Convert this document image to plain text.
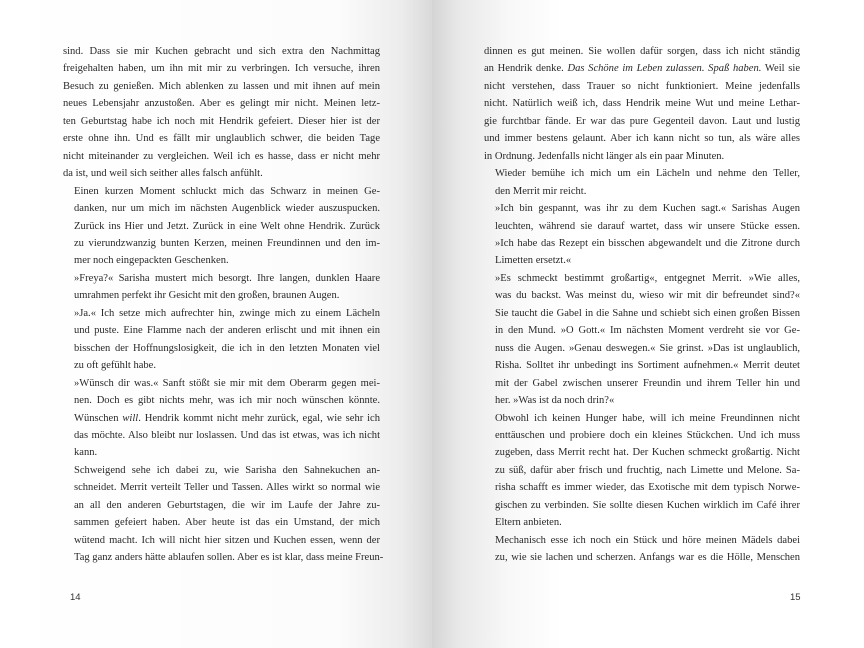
sind. Dass sie mir Kuchen gebracht und sich extra den Nachmittag
freigehalten haben, um ihn mit mir zu verbringen. Ich versuche, ihren
Besuch zu genießen. Mich ablenken zu lassen und mit ihnen auf mein
neues Lebensjahr anzustoßen. Aber es gelingt mir nicht. Meinen letz-
ten Geburtstag habe ich noch mit Hendrik gefeiert. Dieser hier ist der
erste ohne ihn. Und es fällt mir unglaublich schwer, die beiden Tage
nicht miteinander zu vergleichen. Weil ich es hasse, dass er nicht mehr
da ist, und weil sich seither alles falsch anfühlt.
Einen kurzen Moment schluckt mich das Schwarz in meinen Ge-
danken, nur um mich im nächsten Augenblick wieder auszuspucken.
Zurück ins Hier und Jetzt. Zurück in eine Welt ohne Hendrik. Zurück
zu vierundzwanzig bunten Kerzen, meinen Freundinnen und den im-
mer noch eingepackten Geschenken.
»Freya?« Sarisha mustert mich besorgt. Ihre langen, dunklen Haare
umrahmen perfekt ihr Gesicht mit den großen, braunen Augen.
»Ja.« Ich setze mich aufrechter hin, zwinge mich zu einem Lächeln
und puste. Eine Flamme nach der anderen erlischt und mit ihnen ein
bisschen der Hoffnungslosigkeit, die ich in den letzten Monaten viel
zu oft gefühlt habe.
»Wünsch dir was.« Sanft stößt sie mir mit dem Oberarm gegen mei-
nen. Doch es gibt nichts mehr, was ich mir noch wünschen könnte.
Wünschen will. Hendrik kommt nicht mehr zurück, egal, wie sehr ich
das möchte. Also bleibt nur loslassen. Und das ist etwas, was ich nicht
kann.
Schweigend sehe ich dabei zu, wie Sarisha den Sahnekuchen an-
schneidet. Merrit verteilt Teller und Tassen. Alles wirkt so normal wie
an all den anderen Geburtstagen, die wir im Laufe der Jahre zu-
sammen gefeiert haben. Aber heute ist das ein Umstand, der mich
wütend macht. Ich will nicht hier sitzen und Kuchen essen, wenn der
Tag ganz anders hätte ablaufen sollen. Aber es ist klar, dass meine Freun-
14
dinnen es gut meinen. Sie wollen dafür sorgen, dass ich nicht ständig
an Hendrik denke. Das Schöne im Leben zulassen. Spaß haben. Weil sie
nicht verstehen, dass Trauer so nicht funktioniert. Meine jedenfalls
nicht. Natürlich weiß ich, dass Hendrik meine Wut und meine Lethar-
gie furchtbar fände. Er war das pure Gegenteil davon. Laut und lustig
und immer bestens gelaunt. Aber ich kann nicht so tun, als wäre alles
in Ordnung. Jedenfalls nicht länger als ein paar Minuten.
Wieder bemühe ich mich um ein Lächeln und nehme den Teller,
den Merrit mir reicht.
»Ich bin gespannt, was ihr zu dem Kuchen sagt.« Sarishas Augen
leuchten, während sie darauf wartet, dass wir unsere Stücke essen.
»Ich habe das Rezept ein bisschen abgewandelt und die Zitrone durch
Limetten ersetzt.«
»Es schmeckt bestimmt großartig«, entgegnet Merrit. »Wie alles,
was du backst. Was meinst du, wieso wir mit dir befreundet sind?«
Sie taucht die Gabel in die Sahne und schiebt sich einen großen Bissen
in den Mund. »O Gott.« Im nächsten Moment verdreht sie vor Ge-
nuss die Augen. »Genau deswegen.« Sie grinst. »Das ist unglaublich,
Risha. Solltet ihr unbedingt ins Sortiment aufnehmen.« Merrit deutet
mit der Gabel zwischen unserer Freundin und ihrem Teller hin und
her. »Was ist da noch drin?«
Obwohl ich keinen Hunger habe, will ich meine Freundinnen nicht
enttäuschen und probiere doch ein kleines Stückchen. Und ich muss
zugeben, dass Merrit recht hat. Der Kuchen schmeckt großartig. Nicht
zu süß, dafür aber frisch und fruchtig, nach Limette und Melone. Sa-
risha schafft es immer wieder, das Exotische mit dem typisch Norwe-
gischen zu verbinden. Sie sollte diesen Kuchen wirklich im Café ihrer
Eltern anbieten.
Mechanisch esse ich noch ein Stück und höre meinen Mädels dabei
zu, wie sie lachen und scherzen. Anfangs war es die Hölle, Menschen
15
